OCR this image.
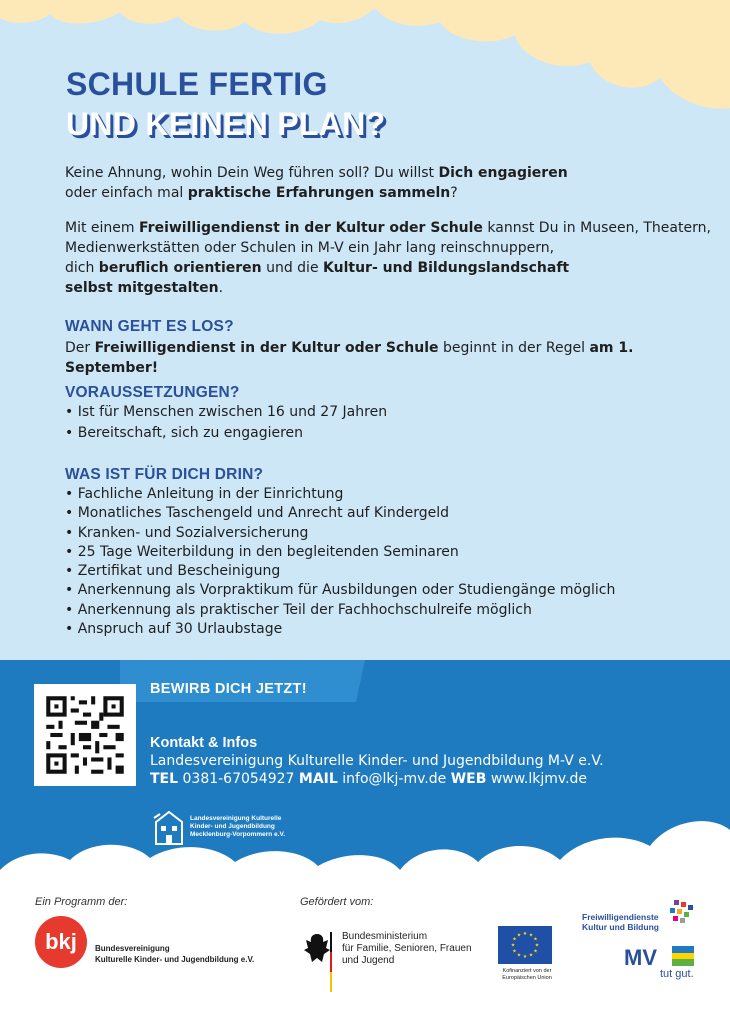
SCHULE FERTIG
UND KEINEN PLAN?

Keine Ahnung, wohin Dein Weg führen soll? Du willst Dich engagieren
oder einfach mal praktische Erfahrungen sammeln?

Mit einem Freiwilligendienst in der Kultur oder Schule kannst Du in Museen, Theatern,
Medienwerkstätten oder Schulen in M-V ein Jahr lang reinschnuppern,
dich beruflich orientieren und die Kultur- und Bildungslandschaft
selbst mitgestalten.

WANN GEHT ES LOS?

Der Freiwilligendienst in der Kultur oder Schule beginnt in der Regel am 1. September!

VORAUSSETZUNGEN?
• Ist für Menschen zwischen 16 und 27 Jahren
• Bereitschaft, sich zu engagieren
WAS IST FÜR DICH DRIN?
• Fachliche Anleitung in der Einrichtung
• Monatliches Taschengeld und Anrecht auf Kindergeld
• Kranken- und Sozialversicherung
• 25 Tage Weiterbildung in den begleitenden Seminaren
• Zertifikat und Bescheinigung
• Anerkennung als Vorpraktikum für Ausbildungen oder Studiengänge möglich
• Anerkennung als praktischer Teil der Fachhochschulreife möglich
• Anspruch auf 30 Urlaubstage
BEWIRB DICH JETZT!
Kontakt & Infos
Landesvereinigung Kulturelle Kinder- und Jugendbildung M-V e.V.
TEL 0381-67054927 MAIL info@lkj-mv.de WEB www.lkjmv.de
Landesvereinigung Kulturelle
Kinder- und Jugendbildung
Mecklenburg-Vorpommern e.V.
Ein Programm der:	Gefördert vom:
bkj	Bundesvereinigung
Kulturelle Kinder- und Jugendbildung e.V.
Bundesministerium
für Familie, Senioren, Frauen
und Jugend
★ ★
★
★
★
★
★
★
★
★
★
★
Kofinanziert von der
Europäischen Union
Freiwilligendienste
Kultur und Bildung
MV
tut gut.
